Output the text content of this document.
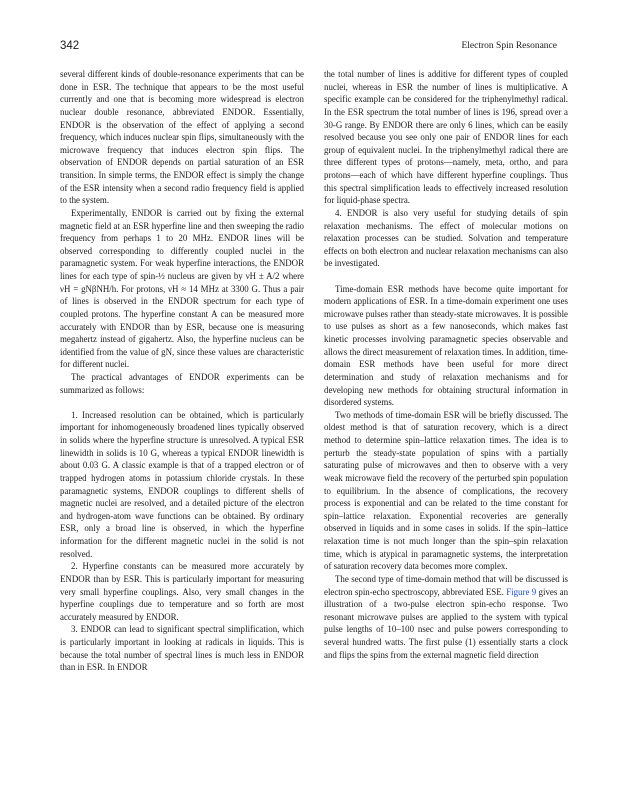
342	Electron Spin Resonance

several different kinds of double-resonance experiments that can be done in ESR. The technique that appears to be the most useful currently and one that is becoming more widespread is electron nuclear double resonance, abbreviated ENDOR. Essentially, ENDOR is the observation of the effect of applying a second frequency, which induces nuclear spin flips, simultaneously with the microwave frequency that induces electron spin flips. The observation of ENDOR depends on partial saturation of an ESR transition. In simple terms, the ENDOR effect is simply the change of the ESR intensity when a second radio frequency field is applied to the system.

Experimentally, ENDOR is carried out by fixing the external magnetic field at an ESR hyperfine line and then sweeping the radio frequency from perhaps 1 to 20 MHz. ENDOR lines will be observed corresponding to differently coupled nuclei in the paramagnetic system. For weak hyperfine interactions, the ENDOR lines for each type of spin-½ nucleus are given by νH ± A/2 where νH = gNβNH/h. For protons, νH ≈ 14 MHz at 3300 G. Thus a pair of lines is observed in the ENDOR spectrum for each type of coupled protons. The hyperfine constant A can be measured more accurately with ENDOR than by ESR, because one is measuring megahertz instead of gigahertz. Also, the hyperfine nucleus can be identified from the value of gN, since these values are characteristic for different nuclei.

The practical advantages of ENDOR experiments can be summarized as follows:

1. Increased resolution can be obtained, which is particularly important for inhomogeneously broadened lines typically observed in solids where the hyperfine structure is unresolved. A typical ESR linewidth in solids is 10 G, whereas a typical ENDOR linewidth is about 0.03 G. A classic example is that of a trapped electron or of trapped hydrogen atoms in potassium chloride crystals. In these paramagnetic systems, ENDOR couplings to different shells of magnetic nuclei are resolved, and a detailed picture of the electron and hydrogen-atom wave functions can be obtained. By ordinary ESR, only a broad line is observed, in which the hyperfine information for the different magnetic nuclei in the solid is not resolved.

2. Hyperfine constants can be measured more accurately by ENDOR than by ESR. This is particularly important for measuring very small hyperfine couplings. Also, very small changes in the hyperfine couplings due to temperature and so forth are most accurately measured by ENDOR.

3. ENDOR can lead to significant spectral simplification, which is particularly important in looking at radicals in liquids. This is because the total number of spectral lines is much less in ENDOR than in ESR. In ENDOR

the total number of lines is additive for different types of coupled nuclei, whereas in ESR the number of lines is multiplicative. A specific example can be considered for the triphenylmethyl radical. In the ESR spectrum the total number of lines is 196, spread over a 30-G range. By ENDOR there are only 6 lines, which can be easily resolved because you see only one pair of ENDOR lines for each group of equivalent nuclei. In the triphenylmethyl radical there are three different types of protons—namely, meta, ortho, and para protons—each of which have different hyperfine couplings. Thus this spectral simplification leads to effectively increased resolution for liquid-phase spectra.

4. ENDOR is also very useful for studying details of spin relaxation mechanisms. The effect of molecular motions on relaxation processes can be studied. Solvation and temperature effects on both electron and nuclear relaxation mechanisms can also be investigated.

Time-domain ESR methods have become quite important for modern applications of ESR. In a time-domain experiment one uses microwave pulses rather than steady-state microwaves. It is possible to use pulses as short as a few nanoseconds, which makes fast kinetic processes involving paramagnetic species observable and allows the direct measurement of relaxation times. In addition, time-domain ESR methods have been useful for more direct determination and study of relaxation mechanisms and for developing new methods for obtaining structural information in disordered systems.

Two methods of time-domain ESR will be briefly discussed. The oldest method is that of saturation recovery, which is a direct method to determine spin–lattice relaxation times. The idea is to perturb the steady-state population of spins with a partially saturating pulse of microwaves and then to observe with a very weak microwave field the recovery of the perturbed spin population to equilibrium. In the absence of complications, the recovery process is exponential and can be related to the time constant for spin–lattice relaxation. Exponential recoveries are generally observed in liquids and in some cases in solids. If the spin–lattice relaxation time is not much longer than the spin–spin relaxation time, which is atypical in paramagnetic systems, the interpretation of saturation recovery data becomes more complex.

The second type of time-domain method that will be discussed is electron spin-echo spectroscopy, abbreviated ESE. Figure 9 gives an illustration of a two-pulse electron spin-echo response. Two resonant microwave pulses are applied to the system with typical pulse lengths of 10–100 nsec and pulse powers corresponding to several hundred watts. The first pulse (1) essentially starts a clock and flips the spins from the external magnetic field direction
